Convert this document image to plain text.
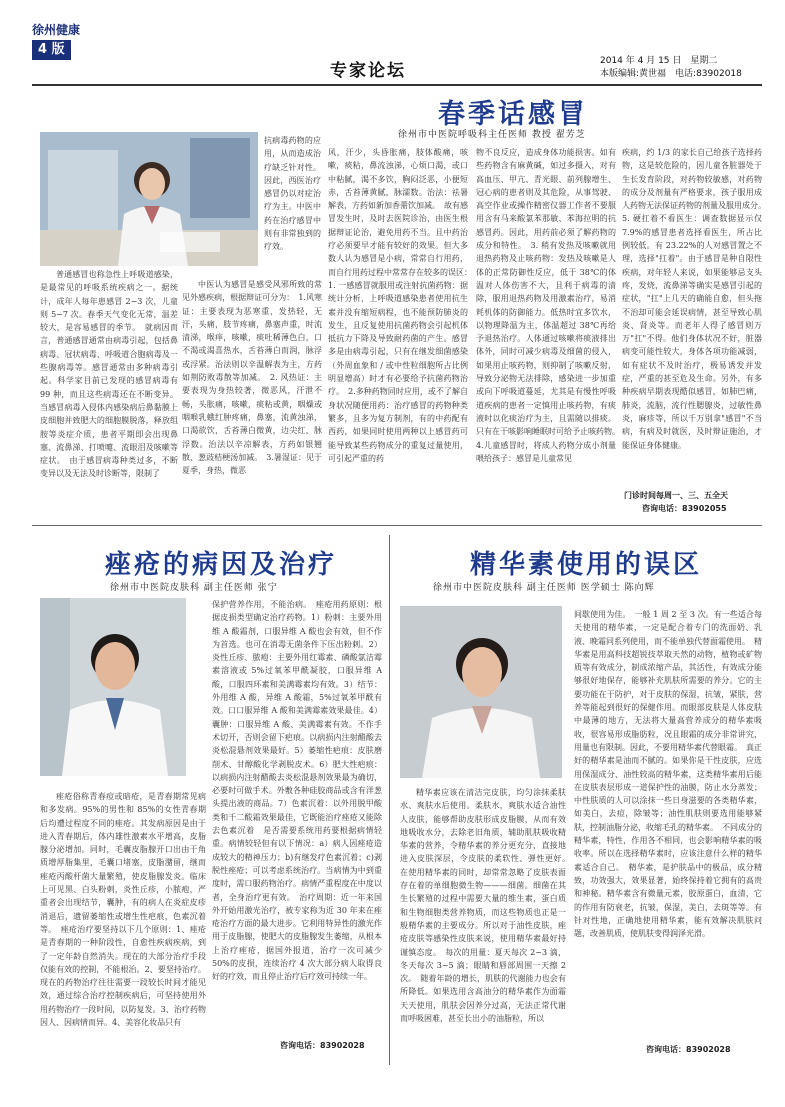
徐州健康
4 版
专家论坛	2014 年 4 月 15 日　星期二
本版编辑:黄世福　电话:83902018
春季话感冒
徐州市中医院呼吸科主任医师 教授 翟芳芝

抗病毒药物的应用，从而造成治疗缺乏针对性。因此，西医治疗感冒仍以对症治疗为主。中医中药在治疗感冒中则有非常独到的疗效。

普通感冒也称急性上呼吸道感染，是最常见的呼吸系统疾病之一。据统计，成年人每年患感冒 2~3 次，儿童则 5~7 次。春季天气变化无常，温差较大，是容易感冒的季节。　就病因而言，普通感冒通常由病毒引起，包括鼻病毒、冠状病毒、呼吸道合胞病毒及一些腺病毒等。感冒通常由多种病毒引起。科学家目前已发现的感冒病毒有 99 种，而且这些病毒还在不断变异。当感冒病毒入侵体内感染病后鼻黏膜上皮细胞并致肥大的细胞膜脱落，释放组胺等炎症介质，患者平期即会出现鼻塞、流鼻涕、打喷嚏、流眼泪及咳嗽等症状。　由于感冒病毒种类过多，不断变异以及无法及时诊断等，限制了

中医认为感冒是感受风邪所致的常见外感疾病，根据辩证可分为：　1.风寒证：主要表现为恶寒重，发热轻，无汗，头痛，肢节疼痛，鼻塞声重，时流清涕，喉痒，咳嗽，痰吐稀薄色白，口不渴或渴喜热水，舌苔薄白而润，脉浮或浮紧。治法则以辛温解表为主，方药如荆防败毒散等加减。　2. 风热证：主要表现为身热较著，微恶风，汗泄不畅，头胀痛，咳嗽，痰粘或黄，咽燥或咽喉乳蛾红肿疼痛，鼻塞，流黄浊涕，口渴欲饮，舌苔薄白微黄，边尖红，脉浮数。治法以辛凉解表，方药如银翘散、葱豉桔梗汤加减。　3.暑湿证：见于夏季，身热，微恶

风，汗少，头昏胀痛，肢体酸痛，咳嗽，痰粘，鼻流浊涕，心烦口渴，或口中粘腻，渴不多饮，胸闷泛恶，小便短赤，舌苔薄黄腻，脉濡数。治法：祛暑解表，方药如新加香薷饮加减。　故有感冒发生时，及时去医院诊治，由医生根据辩证论治，避免用药不当。且中药治疗必须要早才能有较好的效果。但大多数人认为感冒是小病，常常自行用药，而自行用药过程中常常存在较多的误区：　1. 一感感冒就服用或注射抗菌药物：据统计分析，上呼吸道感染患者使用抗生素并没有缩短病程，也不能预防肺炎的发生，且反复使用抗菌药物会引起机体抵抗力下降及导致耐药菌的产生。感冒多是由病毒引起，只有在继发细菌感染（外周血象和 / 或中性粒细胞所占比例明显增高）时才有必要给予抗菌药物治疗。　2.多种药物同时应用，或不了解自身状况随便用药：治疗感冒的药物种类繁多，且多为复方制剂，有的中药配有西药，如果同时使用两种以上感冒药可能导致某些药物成分的重复过量使用，可引起严重的药

物不良反应，造成身体功能损害。如有些药物含有麻黄碱，如过多摄入，对有高血压、甲亢、青光眼、前列腺增生、冠心病的患者则及其危险，从事驾驶、高空作业或操作精密仪器工作者不要服用含有马来酸氯苯那敏、苯海拉明的抗感冒药。因此，用药前必须了解药物的成分和特性。　3. 稍有发热及咳嗽就用退热药物及止咳药物：发热及咳嗽是人体的正常防御性反应，低于 38℃的体温对人体伤害不大，且利于病毒的清除，服用退热药物及用激素治疗，易消耗机体的防御能力。低热时宜多饮水，以物理降温为主，体温超过 38℃再给予退热治疗。人体通过咳嗽将痰液排出体外，同时可减少病毒及细菌的侵入，如果用止咳药物，则抑制了咳嗽反射，导致分泌物无法排除，感染进一步加重或向下呼吸道蔓延，尤其是有慢性呼吸道疾病的患者一定慎用止咳药物，有痰液时以化痰治疗为主，且需随以排痰。只有在干咳影响睡眠时可给予止咳药物。　4.儿童感冒时，将成人药物分成小剂量喂给孩子：感冒是儿童常见

疾病，约 1/3 的家长自己给孩子选择药物，这是较危险的，因儿童各脏器处于生长发育阶段，对药物较敏感，对药物的成分及剂量有严格要求，孩子服用成人药物无法保证药物的剂量及服用成分。　5. 硬扛着不看医生：调查数据显示仅 7.9%的感冒患者选择看医生，所占比例较低。有 23.22%的人对感冒置之不理，选择"扛着"。由于感冒是种自限性疾病，对年轻人来说，如果能够忌支头疼，发烧，流鼻涕等确实是感冒引起的症状，"扛"上几天的确能自愈，但头拖不治却可能会延误病情，甚至导致心肌炎、肾炎等。而老年人得了感冒则万万"扛"不得。他们身体状况不好，脏器病变可能性较大，身体各项功能减弱，如有症状不及时治疗，极易诱发并发症，严重的甚至危及生命。另外，有多种疾病早期表现酷似感冒，如肺巴痛，肺炎，流脑，流行性腮腺炎，过敏性鼻炎，麻疹等，所以千万别拿"感冒"不当病，有病及时就医，及时辩证施治，才能保证身体健康。

门诊时间每周一、三、五全天
咨询电话：83902055
痤疮的病因及治疗
徐州市中医院皮肤科 副主任医师 张宁

痤疮俗称青春痘或暗疮，是青春期常见病和多发病。95%的男性和 85%的女性青春期后均遭过程度不同的痤疮。其发病原因是由于进入青春期后，体内雄性激素水平增高，皮脂腺分泌增加。同时，毛囊皮脂腺开口出由于角质增厚脂集里，毛囊口堵塞，皮脂潴留，继而痤疮丙酸杆菌大量繁殖，使皮脂腺发炎。临床上可见黑、白头粉刺，炎性丘疹，小脓疱，严重者会出现结节，囊肿，有的病人在炎症皮疹消退后，遗留萎缩性或增生性疤痕，色素沉着等。　痤疮治疗要坚持以下几个原则：1、痤疮是青春期的一种阶段性，自愈性疾病疾病，到了一定年龄自然消失。现在的大部分治疗手段仅能有效的控制，不能根治。2、要坚持治疗。现在的药物治疗往往需要一段较长时间才能见效，通过综合治疗控制疾病后，可坚持使用外用药物治疗一段时间，以防复发。3、治疗药物因人、因病情而异。4、美容化妆品只有

保护营养作用，不能治病。　痤疮用药原则：根据皮损类型确定治疗药物。1）粉刺：主要外用维 A 酸霜剂，口服异维 A 酸也会有效，但不作为首选。也可在消毒无菌条件下压出粉刺。2）炎性丘疹、脓疱：主要外用红霉素、磷酸氯洁霉素溶液或 5%过氧苯甲酰凝胶，口服异维 A 酸，口服四环素和美满霉素均有效。3）结节：外用维 A 酸，异维 A 酸霜，5%过氧苯甲酰有效。口口服异维 A 酸和美满霉素效果最佳。4）囊肿：口服异维 A 酸、美满霉素有效。不作手术切开，否则会留下疤痕。以病损内注射醋酸去炎松混悬剂效果最好。5）萎缩性疤痕：皮肤磨削术、甘醇酸化学剥脱皮术。6）肥大性疤痕：以病损内注射醋酸去炎松混悬剂效果最为确切，必要时可做手术。外敷各种硅胶商品或含有洋葱头提出液的商品。7）色素沉着：以外用脱甲酸类和千二酸霜效果最佳，它既能治疗痤疮又能除去色素沉着　是否需要系统用药要根据病情轻重。病情较轻但有以下情况：a）病人因痤疮造成较大的精神压力；b)有继发疗色素沉着；c)剥脱性痤疮；可以考虑系统治疗。当病情为中到重度时，需口服药物治疗。病情严重程度在中度以者，全身治疗更有效。　治疗周期：近一年来国外开始用激光治疗，被专家称为近 30 年来在痤疮治疗方面的最大进步。它利用特异性的激光作用于皮脂腺，使肥大的皮脂腺发生萎缩，从根本上治疗痤疮，据国外报道，治疗一次可减少 50%的皮损，连续治疗 4 次大部分病人取得良好的疗效，而且停止治疗后疗效可持续一年。

咨询电话：83902028
精华素使用的误区
徐州市中医院皮肤科 副主任医师 医学硕士 陈向辉

精华素应该在清洁完皮肤，均匀涂抹柔肤水、爽肤水后使用。柔肤水，爽肤水适合油性人皮肤，能够帮助皮肤形成皮脂膜，从而有效地吸收水分，去除老旧角质，辅助肌肤吸收精华素的营养，令精华素的养分更充分，直接地进入皮肤深层，令皮肤的柔软性、弹性更好。　在使用精华素的同时，却常常忽略了皮肤表面存在着的单细胞微生物———细菌。细菌在其生长繁殖的过程中需要大量的维生素，蛋白质和生物细胞类营养物质，而这些物质也正是一般精华素的主要成分。所以对于油性皮肤，痤疮皮肤等感染性皮肤来说，使用精华素最好持谨慎态度。　每次的用量：夏天每次 2~3 滴，冬天每次 3~5 滴；眼睛和唇部周围一天擦 2 次。　随着年龄的增长，肌肤的代谢能力也会有所降低。如果选用含高油分的精华素作为面霜天天使用，肌肤会因养分过高，无法正常代谢而呼吸困难，甚至长出小的油脂粒，所以

间歇使用为佳。　一般 1 周 2 至 3 次。有一些适合每天使用的精华素，一定是配合着专门的洗面奶、乳液、晚霜同系列使用，而不能单独代替面霜使用。　精华素是用高科技超锐技萃取天然的动物，植物或矿物质等有效成分，制成浓缩产品，其活性，有效成分能够很好地保存，能够补充肌肤所需要的养分。它的主要功能在于防护，对于皮肤的保湿，抗皱，紧肤，营养等能起到很好的保健作用。而眼部皮肤是人体皮肤中最薄的地方，无法将大量高营养成分的精华素吸收，很容易形成脂肪粒，况且眼霜的成分非常讲究，用量也有限制。因此，不要用精华素代替眼霜。　真正好的精华素是油而不腻的。如果你是干性皮肤，应选用保湿成分、油性较高的精华素，这类精华素用后能在皮肤表层形成一道保护性的油膜，防止水分蒸发；中性肤质的人可以涂抹一些日身滋要的各类精华素，如美白，去痘，除皱等；油性肌肤则要选用能够紧肤，控制油脂分泌，收缩毛孔的精华素。　不同成分的精华素，特性，作用各不相同，也会影响精华素的吸收率。所以在选择精华素时，应该注意什么样的精华素适合自己。　精华素，是护肤品中的极品，成分精致，功效强大，效果显著，始终保持着它拥有的高贵和神秘。精华素含有微量元素，胶原蛋白，血清，它的作用有防衰老，抗皱，保湿，美白，去斑等等。有针对性地，正确地使用精华素，能有效解决肌肤问题，改善肌质，使肌肤变得润泽光滑。

咨询电话：83902028
